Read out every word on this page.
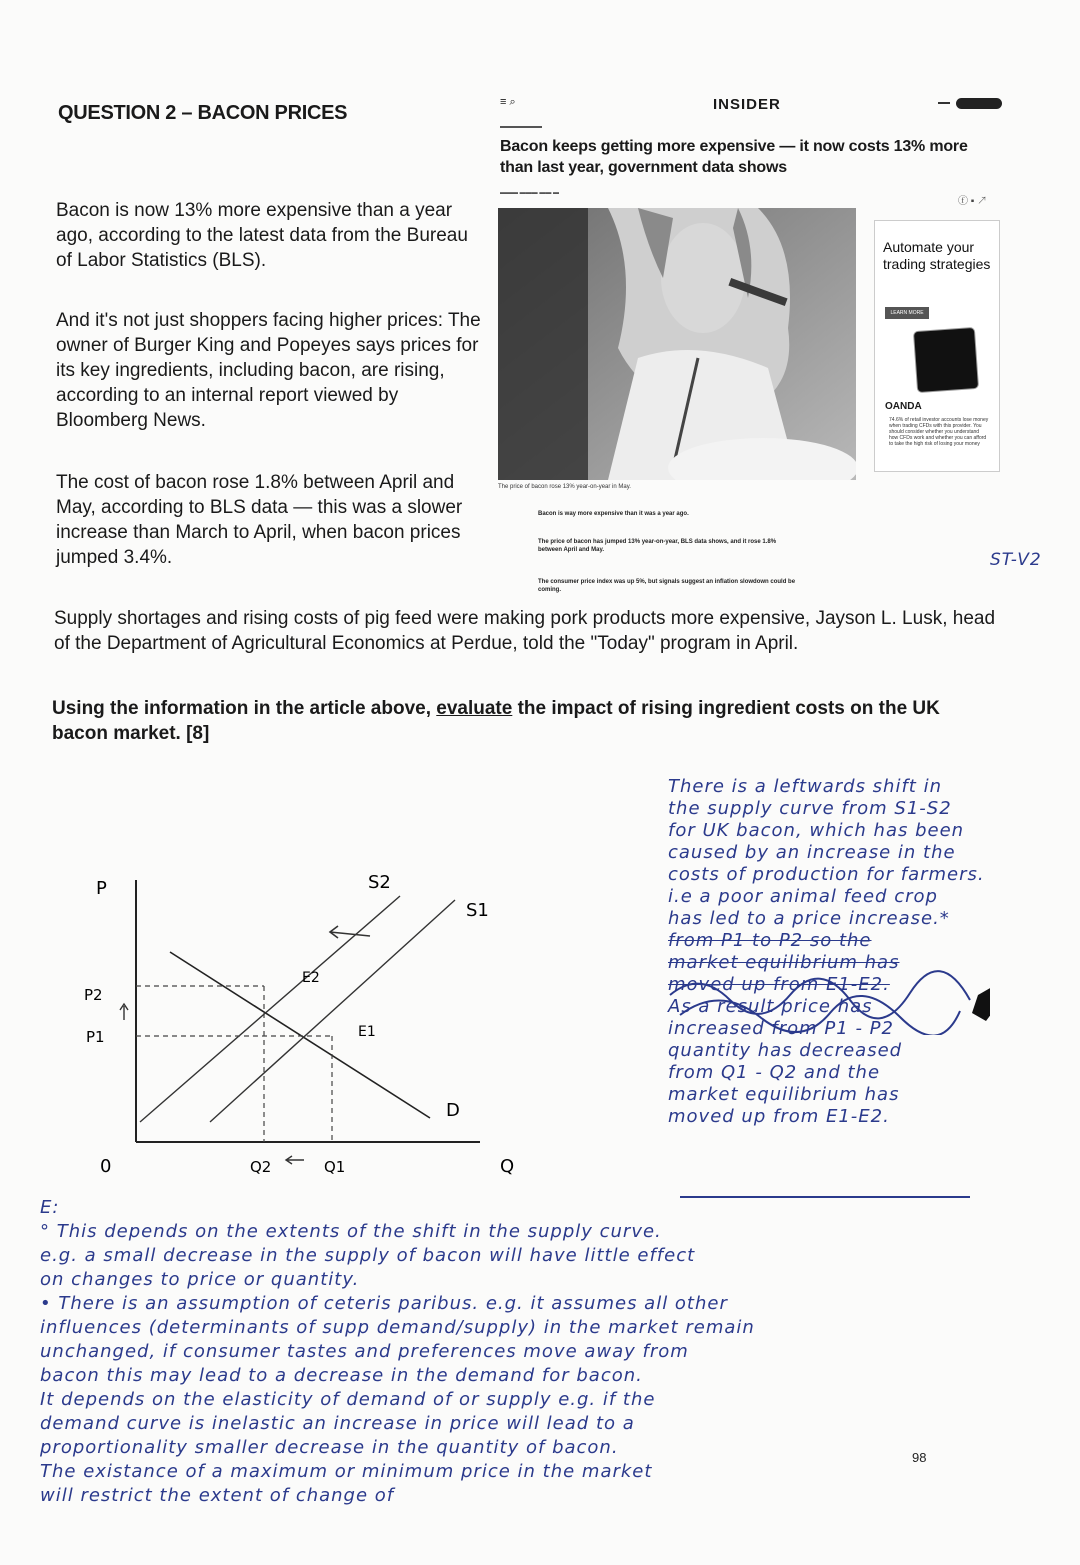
QUESTION 2 – BACON PRICES
Bacon is now 13% more expensive than a year ago, according to the latest data from the Bureau of Labor Statistics (BLS).
And it's not just shoppers facing higher prices: The owner of Burger King and Popeyes says prices for its key ingredients, including bacon, are rising, according to an internal report viewed by Bloomberg News.
The cost of bacon rose 1.8% between April and May, according to BLS data — this was a slower increase than March to April, when bacon prices jumped 3.4%.
≡ ⌕	INSIDER
Bacon keeps getting more expensive — it now costs 13% more than last year, government data shows
▬▬▬ ▬▬▬ ▬▬ ▬
ⓕ ▪ ↗
The price of bacon rose 13% year-on-year in May.
Automate your trading strategies
LEARN MORE
OANDA
74.6% of retail investor accounts lose money when trading CFDs with this provider. You should consider whether you understand how CFDs work and whether you can afford to take the high risk of losing your money
Bacon is way more expensive than it was a year ago.
The price of bacon has jumped 13% year-on-year, BLS data shows, and it rose 1.8% between April and May.
The consumer price index was up 5%, but signals suggest an inflation slowdown could be coming.
ST-V2
Supply shortages and rising costs of pig feed were making pork products more expensive, Jayson L. Lusk, head of the Department of Agricultural Economics at Perdue, told the "Today" program in April.
Using the information in the article above, evaluate the impact of rising ingredient costs on the UK bacon market. [8]
P
Q
0
S1
S2
D
E1
E2
P2
P1
Q2	Q1
There is a leftwards shift in
the supply curve from S1-S2
for UK bacon, which has been
caused by an increase in the
costs of production for farmers.
i.e a poor animal feed crop
has led to a price increase.*
from P1 to P2 so the
market equilibrium has
moved up from E1-E2.
As a result price has
increased from P1 - P2
quantity has decreased
from Q1 - Q2 and the
market equilibrium has
moved up from E1-E2.
E:
° This depends on the extents of the shift in the supply curve.
e.g. a small decrease in the supply of bacon will have little effect
on changes to price or quantity.
• There is an assumption of ceteris paribus. e.g. it assumes all other
influences (determinants of supp demand/supply) in the market remain
unchanged, if consumer tastes and preferences move away from
bacon this may lead to a decrease in the demand for bacon.
It depends on the elasticity of demand of or supply e.g. if the
demand curve is inelastic an increase in price will lead to a
proportionality smaller decrease in the quantity of bacon.
The existance of a maximum or minimum price in the market
will restrict the extent of change of
98
